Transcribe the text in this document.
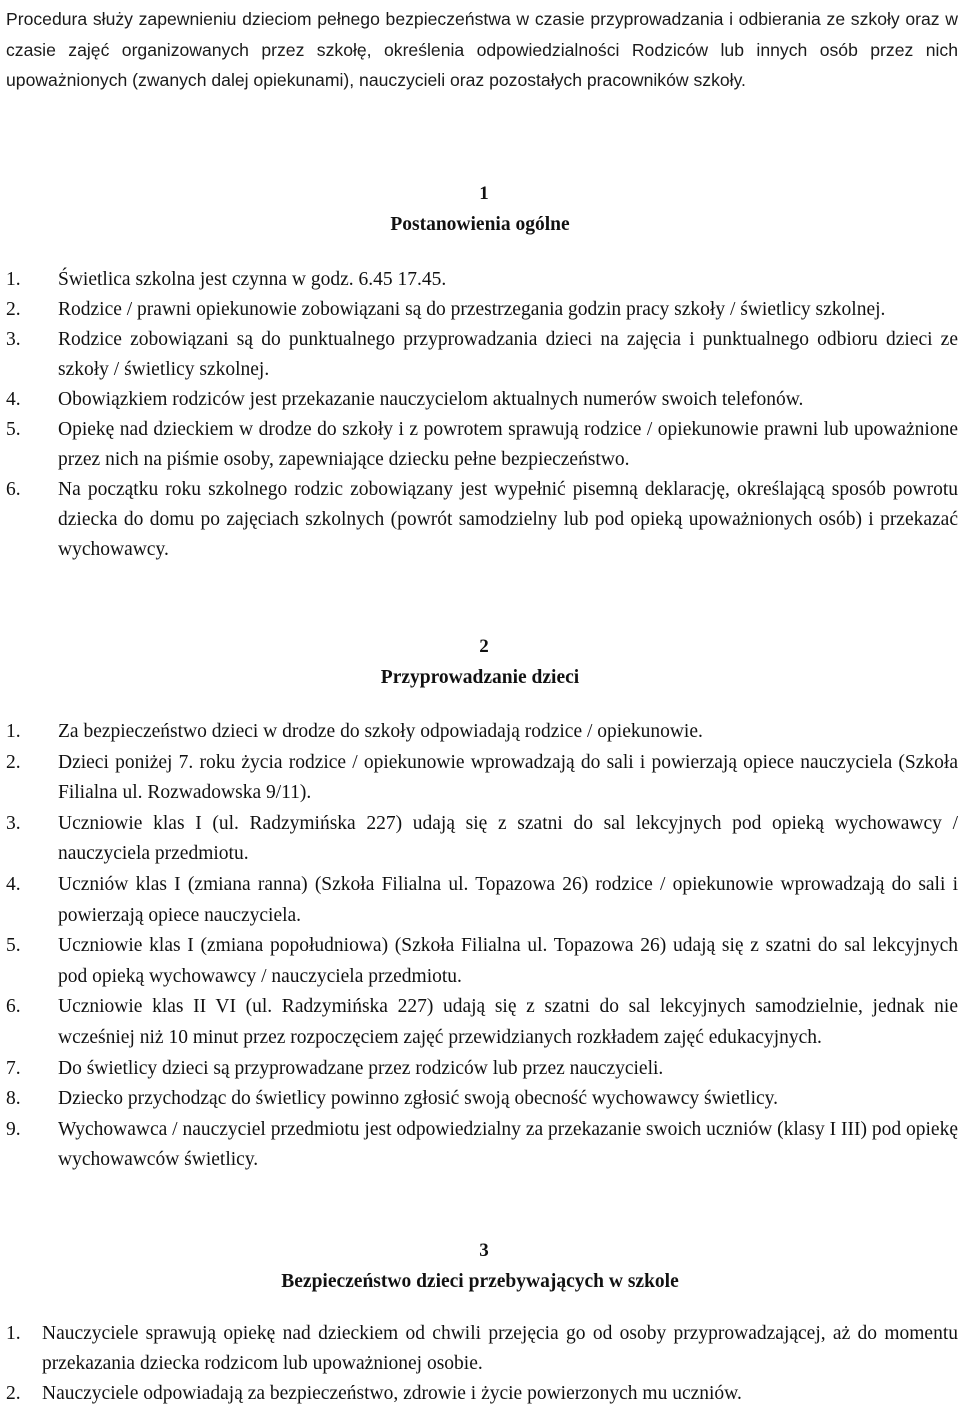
Procedura służy zapewnieniu dzieciom pełnego bezpieczeństwa w czasie przyprowadzania i odbierania ze szkoły oraz w czasie zajęć organizowanych przez szkołę, określenia odpowiedzialności Rodziców lub innych osób przez nich upoważnionych (zwanych dalej opiekunami), nauczycieli oraz pozostałych pracowników szkoły.

1
Postanowienia ogólne
1. Świetlica szkolna jest czynna w godz. 6.45 17.45.
2. Rodzice / prawni opiekunowie zobowiązani są do przestrzegania godzin pracy szkoły / świetlicy szkolnej.
3. Rodzice zobowiązani są do punktualnego przyprowadzania dzieci na zajęcia i punktualnego odbioru dzieci ze szkoły / świetlicy szkolnej.
4. Obowiązkiem rodziców jest przekazanie nauczycielom aktualnych numerów swoich telefonów.
5. Opiekę nad dzieckiem w drodze do szkoły i z powrotem sprawują rodzice / opiekunowie prawni lub upoważnione przez nich na piśmie osoby, zapewniające dziecku pełne bezpieczeństwo.
6. Na początku roku szkolnego rodzic zobowiązany jest wypełnić pisemną deklarację, określającą sposób powrotu dziecka do domu po zajęciach szkolnych (powrót samodzielny lub pod opieką upoważnionych osób) i przekazać wychowawcy.
2
Przyprowadzanie dzieci
1. Za bezpieczeństwo dzieci w drodze do szkoły odpowiadają rodzice / opiekunowie.
2. Dzieci poniżej 7. roku życia rodzice / opiekunowie wprowadzają do sali i powierzają opiece nauczyciela (Szkoła Filialna ul. Rozwadowska 9/11).
3. Uczniowie klas I (ul. Radzymińska 227) udają się z szatni do sal lekcyjnych pod opieką wychowawcy / nauczyciela przedmiotu.
4. Uczniów klas I (zmiana ranna) (Szkoła Filialna ul. Topazowa 26) rodzice / opiekunowie wprowadzają do sali i powierzają opiece nauczyciela.
5. Uczniowie klas I (zmiana popołudniowa) (Szkoła Filialna ul. Topazowa 26) udają się z szatni do sal lekcyjnych pod opieką wychowawcy / nauczyciela przedmiotu.
6. Uczniowie klas II VI (ul. Radzymińska 227) udają się z szatni do sal lekcyjnych samodzielnie, jednak nie wcześniej niż 10 minut przez rozpoczęciem zajęć przewidzianych rozkładem zajęć edukacyjnych.
7. Do świetlicy dzieci są przyprowadzane przez rodziców lub przez nauczycieli.
8. Dziecko przychodząc do świetlicy powinno zgłosić swoją obecność wychowawcy świetlicy.
9. Wychowawca / nauczyciel przedmiotu jest odpowiedzialny za przekazanie swoich uczniów (klasy I III) pod opiekę wychowawców świetlicy.
3
Bezpieczeństwo dzieci przebywających w szkole
1. Nauczyciele sprawują opiekę nad dzieckiem od chwili przejęcia go od osoby przyprowadzającej, aż do momentu przekazania dziecka rodzicom lub upoważnionej osobie.
2. Nauczyciele odpowiadają za bezpieczeństwo, zdrowie i życie powierzonych mu uczniów.
